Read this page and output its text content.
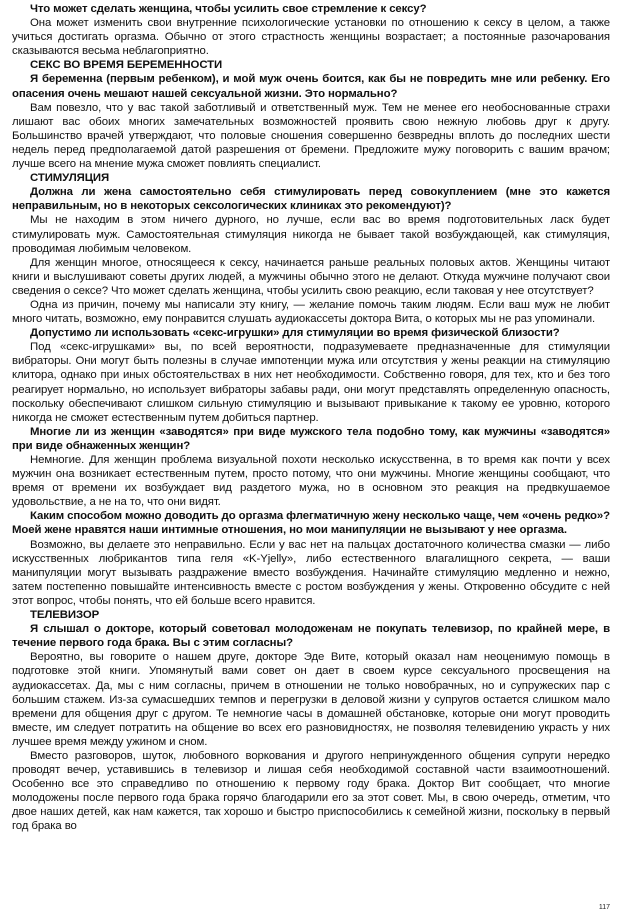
Что может сделать женщина, чтобы усилить свое стремление к сексу?

Она может изменить свои внутренние психологические установки по отношению к сексу в целом, а также учиться достигать оргазма. Обычно от этого страстность женщины возрастает; а постоянные разочарования сказываются весьма неблагоприятно.

СЕКС ВО ВРЕМЯ БЕРЕМЕННОСТИ

Я беременна (первым ребенком), и мой муж очень боится, как бы не повредить мне или ребенку. Его опасения очень мешают нашей сексуальной жизни. Это нормально?

Вам повезло, что у вас такой заботливый и ответственный муж. Тем не менее его необоснованные страхи лишают вас обоих многих замечательных возможностей проявить свою нежную любовь друг к другу. Большинство врачей утверждают, что половые сношения совершенно безвредны вплоть до последних шести недель перед предполагаемой датой разрешения от бремени. Предложите мужу поговорить с вашим врачом; лучше всего на мнение мужа сможет повлиять специалист.

СТИМУЛЯЦИЯ

Должна ли жена самостоятельно себя стимулировать перед совокуплением (мне это кажется неправильным, но в некоторых сексологических клиниках это рекомендуют)?

Мы не находим в этом ничего дурного, но лучше, если вас во время подготовительных ласк будет стимулировать муж. Самостоятельная стимуляция никогда не бывает такой возбуждающей, как стимуляция, проводимая любимым человеком.

Для женщин многое, относящееся к сексу, начинается раньше реальных половых актов. Женщины читают книги и выслушивают советы других людей, а мужчины обычно этого не делают. Откуда мужчине получают свои сведения о сексе? Что может сделать женщина, чтобы усилить свою реакцию, если таковая у нее отсутствует?

Одна из причин, почему мы написали эту книгу, — желание помочь таким людям. Если ваш муж не любит много читать, возможно, ему понравится слушать аудиокассеты доктора Вита, о которых мы не раз упоминали.

Допустимо ли использовать «секс-игрушки» для стимуляции во время физической близости?

Под «секс-игрушками» вы, по всей вероятности, подразумеваете предназначенные для стимуляции вибраторы. Они могут быть полезны в случае импотенции мужа или отсутствия у жены реакции на стимуляцию клитора, однако при иных обстоятельствах в них нет необходимости. Собственно говоря, для тех, кто и без того реагирует нормально, но использует вибраторы забавы ради, они могут представлять определенную опасность, поскольку обеспечивают слишком сильную стимуляцию и вызывают привыкание к такому ее уровню, которого никогда не сможет естественным путем добиться партнер.

Многие ли из женщин «заводятся» при виде мужского тела подобно тому, как мужчины «заводятся» при виде обнаженных женщин?

Немногие. Для женщин проблема визуальной похоти несколько искусственна, в то время как почти у всех мужчин она возникает естественным путем, просто потому, что они мужчины. Многие женщины сообщают, что время от времени их возбуждает вид раздетого мужа, но в основном это реакция на предвкушаемое удовольствие, а не на то, что они видят.

Каким способом можно доводить до оргазма флегматичную жену несколько чаще, чем «очень редко»? Моей жене нравятся наши интимные отношения, но мои манипуляции не вызывают у нее оргазма.

Возможно, вы делаете это неправильно. Если у вас нет на пальцах достаточного количества смазки — либо искусственных любрикантов типа геля «K-Yjelly», либо естественного влагалищного секрета, — ваши манипуляции могут вызывать раздражение вместо возбуждения. Начинайте стимуляцию медленно и нежно, затем постепенно повышайте интенсивность вместе с ростом возбуждения у жены. Откровенно обсудите с ней этот вопрос, чтобы понять, что ей больше всего нравится.

ТЕЛЕВИЗОР

Я слышал о докторе, который советовал молодоженам не покупать телевизор, по крайней мере, в течение первого года брака. Вы с этим согласны?

Вероятно, вы говорите о нашем друге, докторе Эде Вите, который оказал нам неоценимую помощь в подготовке этой книги. Упомянутый вами совет он дает в своем курсе сексуального просвещения на аудиокассетах. Да, мы с ним согласны, причем в отношении не только новобрачных, но и супружеских пар с большим стажем. Из-за сумасшедших темпов и перегрузки в деловой жизни у супругов остается слишком мало времени для общения друг с другом. Те немногие часы в домашней обстановке, которые они могут проводить вместе, им следует потратить на общение во всех его разновидностях, не позволяя телевидению украсть у них лучшее время между ужином и сном.

Вместо разговоров, шуток, любовного воркования и другого непринужденного общения супруги нередко проводят вечер, уставившись в телевизор и лишая себя необходимой составной части взаимоотношений. Особенно все это справедливо по отношению к первому году брака. Доктор Вит сообщает, что многие молодожены после первого года брака горячо благодарили его за этот совет. Мы, в свою очередь, отметим, что двое наших детей, как нам кажется, так хорошо и быстро приспособились к семейной жизни, поскольку в первый год брака во

117
